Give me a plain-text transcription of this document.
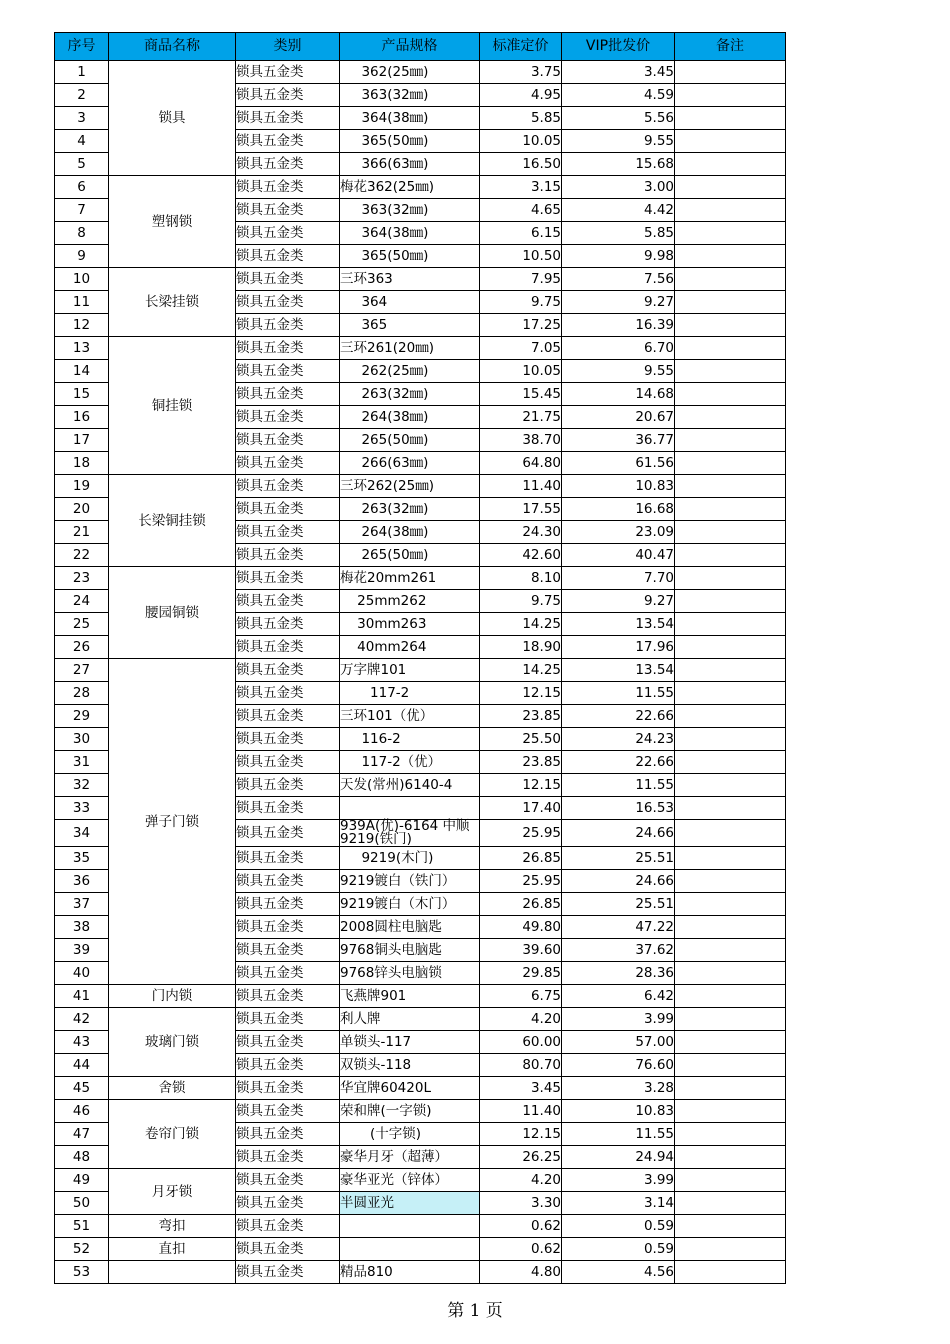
序号	商品名称	类别	产品规格	标准定价	VIP批发价	备注
1	锁具	锁具五金类	362(25㎜)	3.75	3.45	
2		锁具五金类	363(32㎜)	4.95	4.59	
3		锁具五金类	364(38㎜)	5.85	5.56	
4		锁具五金类	365(50㎜)	10.05	9.55	
5		锁具五金类	366(63㎜)	16.50	15.68	
6	塑钢锁	锁具五金类	梅花362(25㎜)	3.15	3.00	
7		锁具五金类	363(32㎜)	4.65	4.42	
8		锁具五金类	364(38㎜)	6.15	5.85	
9		锁具五金类	365(50㎜)	10.50	9.98	
10	长梁挂锁	锁具五金类	三环363	7.95	7.56	
11		锁具五金类	364	9.75	9.27	
12		锁具五金类	365	17.25	16.39	
13	铜挂锁	锁具五金类	三环261(20㎜)	7.05	6.70	
14		锁具五金类	262(25㎜)	10.05	9.55	
15		锁具五金类	263(32㎜)	15.45	14.68	
16		锁具五金类	264(38㎜)	21.75	20.67	
17		锁具五金类	265(50㎜)	38.70	36.77	
18		锁具五金类	266(63㎜)	64.80	61.56	
19	长梁铜挂锁	锁具五金类	三环262(25㎜)	11.40	10.83	
20		锁具五金类	263(32㎜)	17.55	16.68	
21		锁具五金类	264(38㎜)	24.30	23.09	
22		锁具五金类	265(50㎜)	42.60	40.47	
23	腰园铜锁	锁具五金类	梅花20mm261	8.10	7.70	
24		锁具五金类	25mm262	9.75	9.27	
25		锁具五金类	30mm263	14.25	13.54	
26		锁具五金类	40mm264	18.90	17.96	
27	弹子门锁	锁具五金类	万字牌101	14.25	13.54	
28		锁具五金类	117-2	12.15	11.55	
29		锁具五金类	三环101（优）	23.85	22.66	
30		锁具五金类	116-2	25.50	24.23	
31		锁具五金类	117-2（优）	23.85	22.66	
32		锁具五金类	天发(常州)6140-4	12.15	11.55	
33		锁具五金类		17.40	16.53	
34		锁具五金类	939A(优)-6164 中顺9219(铁门)	25.95	24.66	
35		锁具五金类	9219(木门)	26.85	25.51	
36		锁具五金类	9219镀白（铁门）	25.95	24.66	
37		锁具五金类	9219镀白（木门）	26.85	25.51	
38		锁具五金类	2008圆柱电脑匙	49.80	47.22	
39		锁具五金类	9768铜头电脑匙	39.60	37.62	
40		锁具五金类	9768锌头电脑锁	29.85	28.36	
41	门内锁	锁具五金类	飞燕牌901	6.75	6.42	
42	玻璃门锁	锁具五金类	利人牌	4.20	3.99	
43		锁具五金类	单锁头-117	60.00	57.00	
44		锁具五金类	双锁头-118	80.70	76.60	
45	舍锁	锁具五金类	华宜牌60420L	3.45	3.28	
46	卷帘门锁	锁具五金类	荣和牌(一字锁)	11.40	10.83	
47		锁具五金类	(十字锁)	12.15	11.55	
48		锁具五金类	豪华月牙（超薄）	26.25	24.94	
49	月牙锁	锁具五金类	豪华亚光（锌体）	4.20	3.99	
50		锁具五金类	半圆亚光	3.30	3.14	
51	弯扣	锁具五金类		0.62	0.59	
52	直扣	锁具五金类		0.62	0.59	
53		锁具五金类	精品810	4.80	4.56	
第 1 页
